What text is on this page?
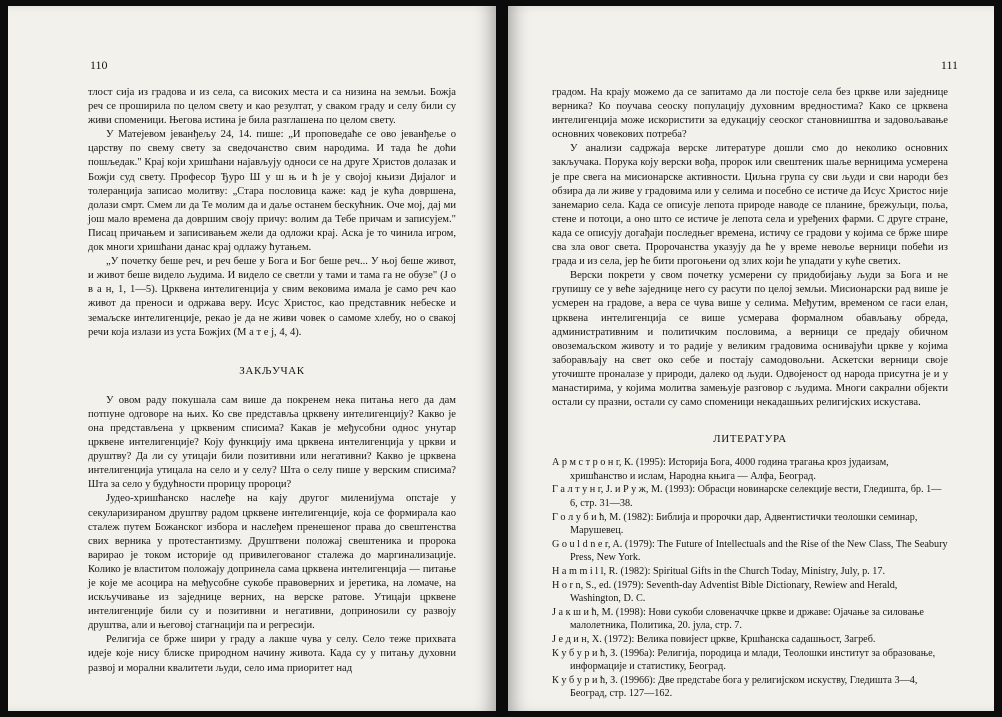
110

тлост сија из градова и из села, са високих места и са низина на земљи. Божја реч се проширила по целом свету и као резултат, у сваком граду и селу били су живи споменици. Његова истина је била разглашена по целом свету.

У Матејевом јеванђељу 24, 14. пише: „И проповедаће се ово јеванђеље о царству по свему свету за сведочанство свим народима. И тада ће доћи пошљедак." Крај који хришћани најављују односи се на друге Христов долазак и Божји суд свету. Професор Ђуро Ш у ш њ и ћ је у својој књизи Дијалог и толеранција записао молитву: „Стара пословица каже: кад је кућа довршена, долази смрт. Смем ли да Те молим да и даље останем бескућник. Оче мој, дај ми још мало времена да довршим своју причу: волим да Тебе причам и записујем." Писац причањем и записивањем жели да одложи крај. Аска је то чинила игром, док многи хришћани данас крај одлажу ћутањем.

„У почетку беше реч, и реч беше у Бога и Бог беше реч... У њој беше живот, и живот беше видело људима. И видело се светли у тами и тама га не обузе" (Ј о в а н, 1, 1—5). Црквена интелигенција у свим вековима имала је само реч као живот да преноси и одржава веру. Исус Христос, као представник небеске и земаљске интелигенције, рекао је да не живи човек о самоме хлебу, но о свакој речи која излази из уста Божјих (М а т е ј, 4, 4).

ЗАКЉУЧАК

У овом раду покушала сам више да покренем нека питања него да дам потпуне одговоре на њих. Ко све представља црквену интелигенцију? Какво је она представљена у црквеним списима? Какав је међусобни однос унутар црквене интелигенције? Коју функцију има црквена интелигенција у цркви и друштву? Да ли су утицаји били позитивни или негативни? Какво је црквена интелигенција утицала на село и у селу? Шта о селу пише у верским списима? Шта за село у будућности прорицу пророци?

Јудео-хришћанско наслеђе на кају другог миленијума опстаје у секуларизираном друштву радом црквене интелигенције, која се формирала као сталеж путем Божанског избора и наслеђем пренешеног права до свештенства свих верника у протестантизму. Друштвени положај свештеника и пророка варирао је током историје од привилегованог сталежа до маргинализације. Колико је властитом положају допринела сама црквена интелигенција — питање је које ме асоцира на међусобне сукобе правоверних и јеретика, на ломаче, на искључивање из заједнице верних, на верске ратове. Утицаји црквене интелигенције били су и позитивни и негативни, допринosили су развоју друштва, али и његовој стагнацији па и регресији.

Религија се брже шири у граду а лакше чува у селу. Село теже прихвата идеје које нису блиске природном начину живота. Када су у питању духовни развој и морални квалитети људи, село има приоритет над

111

градом. На крају можемо да се запитамо да ли постоје села без цркве или заједнице верника? Ко поучава сеоску популацију духовним вредностима? Како се црквена интелигенција може искористити за едукацију сеоског становништва и задовољавање основних човекових потреба?

У анализи садржаја верске литературе дошли смо до неколико основних закључака. Порука коју верски вођа, пророк или свештеник шаље верницима усмерена је пре свега на мисионарске активности. Циљна група су сви људи и сви народи без обзира да ли живе у градовима или у селима и посебно се истиче да Исус Христос није занемарио села. Када се описује лепота природе наводе се планине, брежуљци, поља, стене и потоци, а оно што се истиче је лепота села и уређених фарми. С друге стране, када се описују догађаји последњег времена, истичу се градови у којима се брже шире сва зла овог света. Пророчанства указују да ће у време невоље верници побећи из града и из села, јер ће бити прогоњени од злих који ће упадати у куће светих.

Верски покрети у свом почетку усмерени су придобијању људи за Бога и не групишу се у веће заједнице него су расути по целој земљи. Мисионарски рад више је усмерен на градове, а вера се чува више у селима. Међутим, временом се гаси елан, црквена интелигенција се више усмерава формалном обављању обреда, административним и политичким пословима, а верници се предају обичном овоземаљском животу и то радије у великим градовима оснивајући цркве у којима заборављају на свет око себе и постају самодовољни. Аскетски верници своје уточиште проналазе у природи, далеко од људи. Одвојеност од народа присутна је и у манастирима, у којима молитва замењује разговор с људима. Многи сакрални објекти остали су празни, остали су само споменици некадашњих религијских искустава.

ЛИТЕРАТУРА

А р м с т р о н г, К. (1995): Историја Бога, 4000 година трагања кроз јудаизам, хришћанство и ислам, Народна књига — Алфа, Београд.

Г а л т у н г, Ј. и Р у ж, М. (1993): Обрасци новинарске селекције вести, Гледишта, бр. 1—6, стр. 31—38.

Г о л у б и ћ, М. (1982): Библија и пророчки дар, Адвентистички теолошки семинар, Марушевец.

G o u l d n e r, A. (1979): The Future of Intellectuals and the Rise of the New Class, The Seabury Press, New York.

H a m m i l l, R. (1982): Spiritual Gifts in the Church Today, Ministry, July, p. 17.

H o r n, S., ed. (1979): Seventh-day Adventist Bible Dictionary, Rewiew and Herald, Washington, D. C.

Ј а к ш и ћ, М. (1998): Нови сукоби словеначчке цркве и државе: Ојачање за силовање малолетника, Политика, 20. јула, стр. 7.

Ј е д и н, Х. (1972): Велика повијест цркве, Кршћанска садашњост, Загреб.

К у б у р и ћ, З. (1996а): Религија, породица и млади, Теолошки институт за образовање, информације и статистику, Београд.

К у б у р и ћ, З. (19966): Две предстаbе бога у религијском искуству, Гледишта 3—4, Београд, стр. 127—162.
